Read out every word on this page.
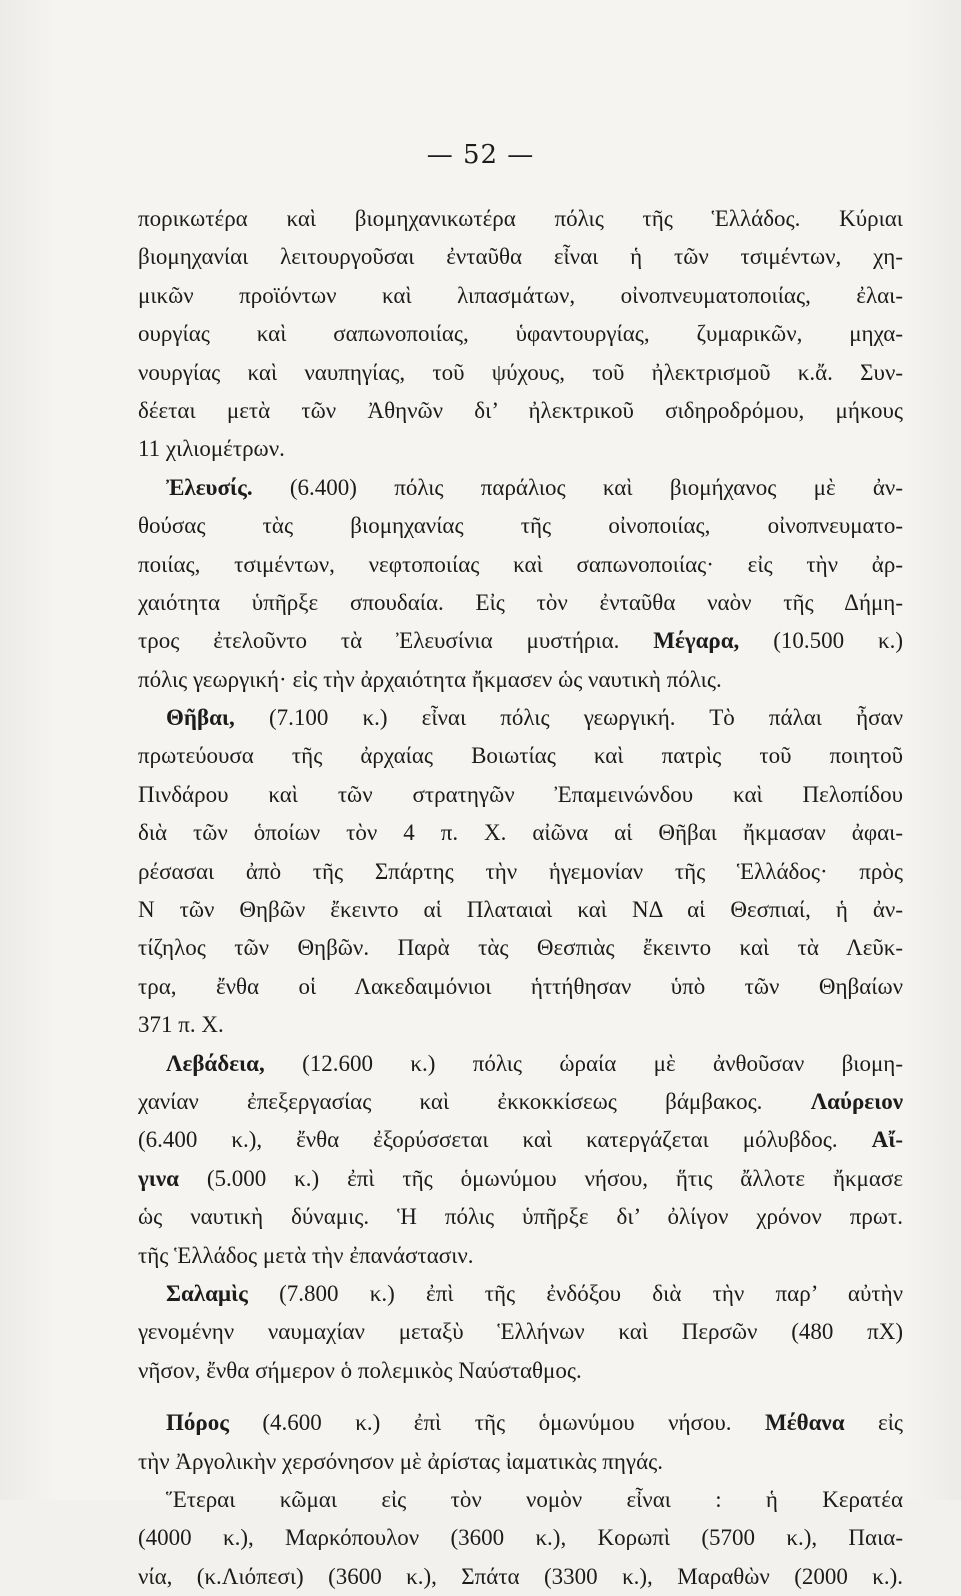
— 52 —
πορικωτέρα καὶ βιομηχανικωτέρα πόλις τῆς Ἑλλάδος. Κύριαι
βιομηχανίαι λειτουργοῦσαι ἐνταῦθα εἶναι ἡ τῶν τσιμέντων, χη-
μικῶν προϊόντων καὶ λιπασμάτων, οἰνοπνευματοποιίας, ἐλαι-
ουργίας καὶ σαπωνοποιίας, ὑφαντουργίας, ζυμαρικῶν, μηχα-
νουργίας καὶ ναυπηγίας, τοῦ ψύχους, τοῦ ἠλεκτρισμοῦ κ.ἄ. Συν-
δέεται μετὰ τῶν Ἀθηνῶν δι’ ἠλεκτρικοῦ σιδηροδρόμου, μήκους
11 χιλιομέτρων.
Ἐλευσίς. (6.400) πόλις παράλιος καὶ βιομήχανος μὲ ἀν-
θούσας τὰς βιομηχανίας τῆς οἰνοποιίας, οἰνοπνευματο-
ποιίας, τσιμέντων, νεφτοποιίας καὶ σαπωνοποιίας· εἰς τὴν ἀρ-
χαιότητα ὑπῆρξε σπουδαία. Εἰς τὸν ἐνταῦθα ναὸν τῆς Δήμη-
τρος ἐτελοῦντο τὰ Ἐλευσίνια μυστήρια. Μέγαρα, (10.500 κ.)
πόλις γεωργική· εἰς τὴν ἀρχαιότητα ἤκμασεν ὡς ναυτικὴ πόλις.
Θῆβαι, (7.100 κ.) εἶναι πόλις γεωργική. Τὸ πάλαι ἦσαν
πρωτεύουσα τῆς ἀρχαίας Βοιωτίας καὶ πατρὶς τοῦ ποιητοῦ
Πινδάρου καὶ τῶν στρατηγῶν Ἐπαμεινώνδου καὶ Πελοπίδου
διὰ τῶν ὁποίων τὸν 4 π. Χ. αἰῶνα αἱ Θῆβαι ἤκμασαν ἀφαι-
ρέσασαι ἀπὸ τῆς Σπάρτης τὴν ἡγεμονίαν τῆς Ἑλλάδος· πρὸς
Ν τῶν Θηβῶν ἔκειντο αἱ Πλαταιαὶ καὶ ΝΔ αἱ Θεσπιαί, ἡ ἀν-
τίζηλος τῶν Θηβῶν. Παρὰ τὰς Θεσπιὰς ἔκειντο καὶ τὰ Λεῦκ-
τρα, ἔνθα οἱ Λακεδαιμόνιοι ἡττήθησαν ὑπὸ τῶν Θηβαίων
371 π. Χ.
Λεβάδεια, (12.600 κ.) πόλις ὡραία μὲ ἀνθοῦσαν βιομη-
χανίαν ἐπεξεργασίας καὶ ἐκκοκκίσεως βάμβακος. Λαύρειον
(6.400 κ.), ἔνθα ἐξορύσσεται καὶ κατεργάζεται μόλυβδος. Αἴ-
γινα (5.000 κ.) ἐπὶ τῆς ὁμωνύμου νήσου, ἥτις ἄλλοτε ἤκμασε
ὡς ναυτικὴ δύναμις. Ἡ πόλις ὑπῆρξε δι’ ὀλίγον χρόνον πρωτ.
τῆς Ἑλλάδος μετὰ τὴν ἐπανάστασιν.
Σαλαμὶς (7.800 κ.) ἐπὶ τῆς ἐνδόξου διὰ τὴν παρ’ αὐτὴν
γενομένην ναυμαχίαν μεταξὺ Ἑλλήνων καὶ Περσῶν (480 πΧ)
νῆσον, ἔνθα σήμερον ὁ πολεμικὸς Ναύσταθμος.
Πόρος (4.600 κ.) ἐπὶ τῆς ὁμωνύμου νήσου. Μέθανα εἰς
τὴν Ἀργολικὴν χερσόνησον μὲ ἀρίστας ἰαματικὰς πηγάς.
Ἕτεραι κῶμαι εἰς τὸν νομὸν εἶναι : ἡ Κερατέα
(4000 κ.), Μαρκόπουλον (3600 κ.), Κορωπὶ (5700 κ.), Παια-
νία, (κ.Λιόπεσι) (3600 κ.), Σπάτα (3300 κ.), Μαραθὼν (2000 κ.).
